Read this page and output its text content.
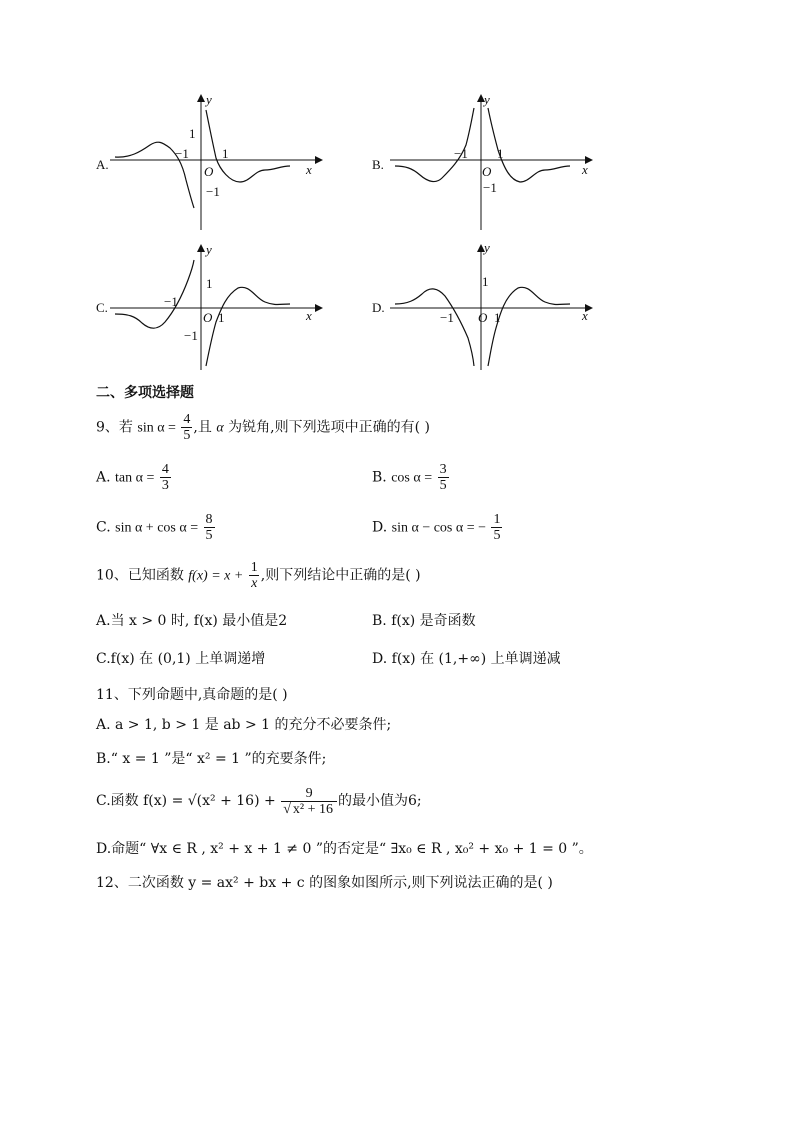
A.
y
x
O
1
−1	1
−1
B.
y
x
O
−1 1
−1
C.
y
x
O
1
−1
1
−1
D.
y
x
O
1
−1	1
二、多项选择题
9、若 $\sin \alpha = \frac{4}{5}$ ,且 α 为锐角,则下列选项中正确的有( )
A. $\tan \alpha = \frac{4}{3}$	B. $\cos \alpha = \frac{3}{5}$
C. $\sin \alpha + \cos \alpha = \frac{8}{5}$	D. sin α − cos α = − $\frac{1}{5}$
10、已知函数 $f(x) = x + \frac{1}{x}$ ,则下列结论中正确的是( )
A.当 x > 0 时, f(x) 最小值是2	B. f(x) 是奇函数
C.f(x) 在 (0,1) 上单调递增	D. f(x) 在 (1,+∞) 上单调递减
11、下列命题中,真命题的是( )
A. a > 1, b > 1 是 ab > 1 的充分不必要条件;
B.“ x = 1 ”是“ x² = 1 ”的充要条件;
C.函数 $f(x) = √(x^2 + 16) + \frac{9}{\text{√ x² + 16}}$ 的最小值为6;
D.命题“ ∀x ∈ R , x² + x + 1 ≠ 0 ”的否定是“ ∃x₀ ∈ R , x₀² + x₀ + 1 = 0 ”。
12、二次函数 y = ax² + bx + c 的图象如图所示,则下列说法正确的是( )
